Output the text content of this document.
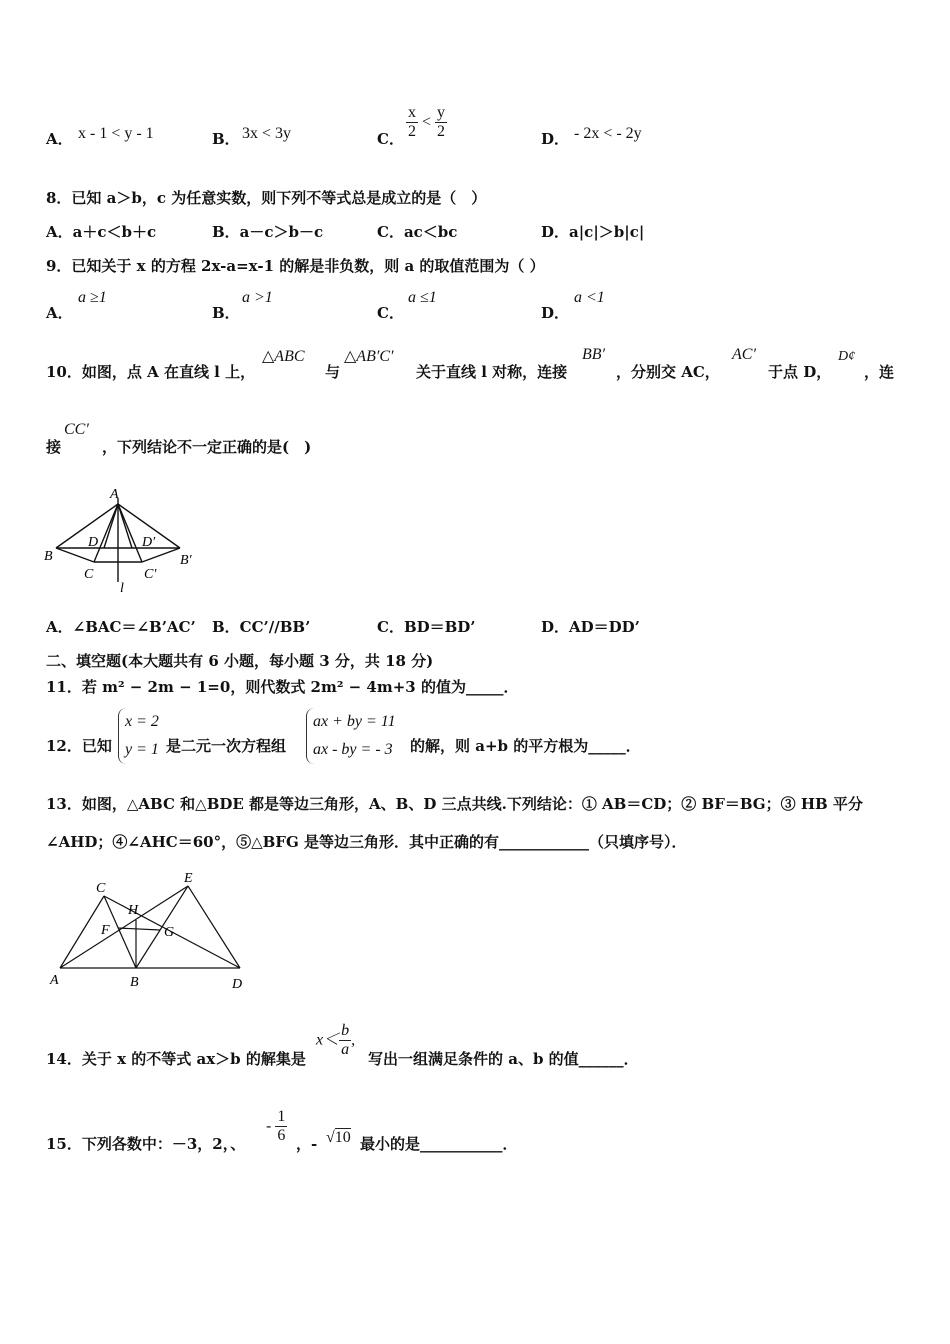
A． x - 1 < y - 1	B． 3x < 3y	C． $\frac{x}{2} < \frac{y}{2}$	D． - 2x < - 2y
8．已知 a＞b，c 为任意实数，则下列不等式总是成立的是（　）
A．a＋c＜b＋c	B．a－c＞b－c	C．ac＜bc	D．a|c|＞b|c|
9．已知关于 x 的方程 2x-a=x-1 的解是非负数，则 a 的取值范围为（ ）
A．
a ≥1
B．
a >1
C．
a ≤1
D．
a <1
10．如图，点 A 在直线 l 上，
△ABC
与
△AB′C′
关于直线 l 对称，连接
BB′
，分别交 AC，
AC′
于点 D，
D¢
，连
接
CC′
，下列结论不一定正确的是(　)
A
B
C
D	D′
B′
C′
l
A．∠BAC＝∠B’AC’ B．CC’//BB’	C．BD＝BD’	D．AD＝DD’
二、填空题(本大题共有 6 小题，每小题 3 分，共 18 分)
11．若 m² − 2m − 1=0，则代数式 2m² − 4m+3 的值为_____．
12．已知
x = 2
y = 1 是二元一次方程组
ax + by = 11
ax - by = - 3 的解，则 a+b 的平方根为_____．
13．如图，△ABC 和△BDE 都是等边三角形，A、B、D 三点共线.下列结论：① AB＝CD；② BF＝BG；③ HB 平分
∠AHD；④∠AHC＝60°，⑤△BFG 是等边三角形．其中正确的有____________（只填序号）．
A	B
C
D
E
F	G
H
14．关于 x 的不等式 ax＞b 的解集是
$x< \frac{b}{a}$ ,
写出一组满足条件的 a、b 的值______．
15．下列各数中：－3，2，、
- $\frac{1}{6}$ ，- √10 最小的是___________．
